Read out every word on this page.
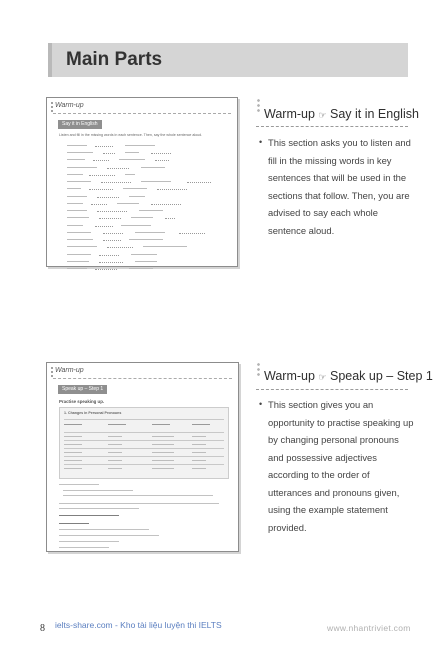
Main Parts
Warm-up
Say it in English
Listen and fill in the missing words in each sentence. Then, say the whole sentence aloud.
Warm-up
Speak up – Step 1
Practise speaking up.
1. Changes in Personal Pronouns
Warm-up ☞ Say it in English
• This section asks you to listen and fill in the missing words in key sentences that will be used in the sections that follow. Then, you are advised to say each whole sentence aloud.
Warm-up ☞ Speak up – Step 1
• This section gives you an opportunity to practise speaking up by changing personal pronouns and possessive adjectives according to the order of utterances and pronouns given, using the example statement provided.
8 ielts-share.com - Kho tài liệu luyện thi IELTS	www.nhantriviet.com
